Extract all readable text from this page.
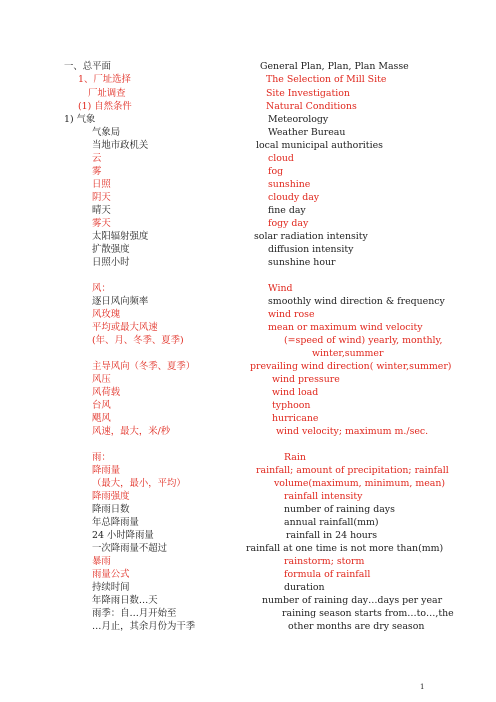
一、总平面	General Plan, Plan, Plan Masse
1、厂址选择	The Selection of Mill Site
厂址调查	Site Investigation
(1) 自然条件	Natural Conditions
1) 气象	Meteorology
气象局	Weather Bureau
当地市政机关	local municipal authorities
云	cloud
雾	fog
日照	sunshine
阴天	cloudy day
晴天	fine day
雾天	fogy day
太阳辐射强度	solar radiation intensity
扩散强度	diffusion intensity
日照小时	sunshine hour
风：	Wind
逐日风向频率	smoothly wind direction & frequency
风玫瑰	wind rose
平均或最大风速	mean or maximum wind velocity
(年、月、冬季、夏季)	(=speed of wind) yearly, monthly,
winter,summer
主导风向（冬季、夏季）	prevailing wind direction( winter,summer)
风压	wind pressure
风荷载	wind load
台风	typhoon
飓风	hurricane
风速，最大，米/秒	wind velocity; maximum m./sec.
雨：	Rain
降雨量	rainfall; amount of precipitation; rainfall
（最大，最小，平均）	volume(maximum, minimum, mean)
降雨强度	rainfall intensity
降雨日数	number of raining days
年总降雨量	annual rainfall(mm)
24 小时降雨量	rainfall in 24 hours
一次降雨量不超过	rainfall at one time is not more than(mm)
暴雨	rainstorm; storm
雨量公式	formula of rainfall
持续时间	duration
年降雨日数…天	number of raining day…days per year
雨季：自…月开始至	raining season starts from…to…,the
…月止，其余月份为干季	other months are dry season
1
